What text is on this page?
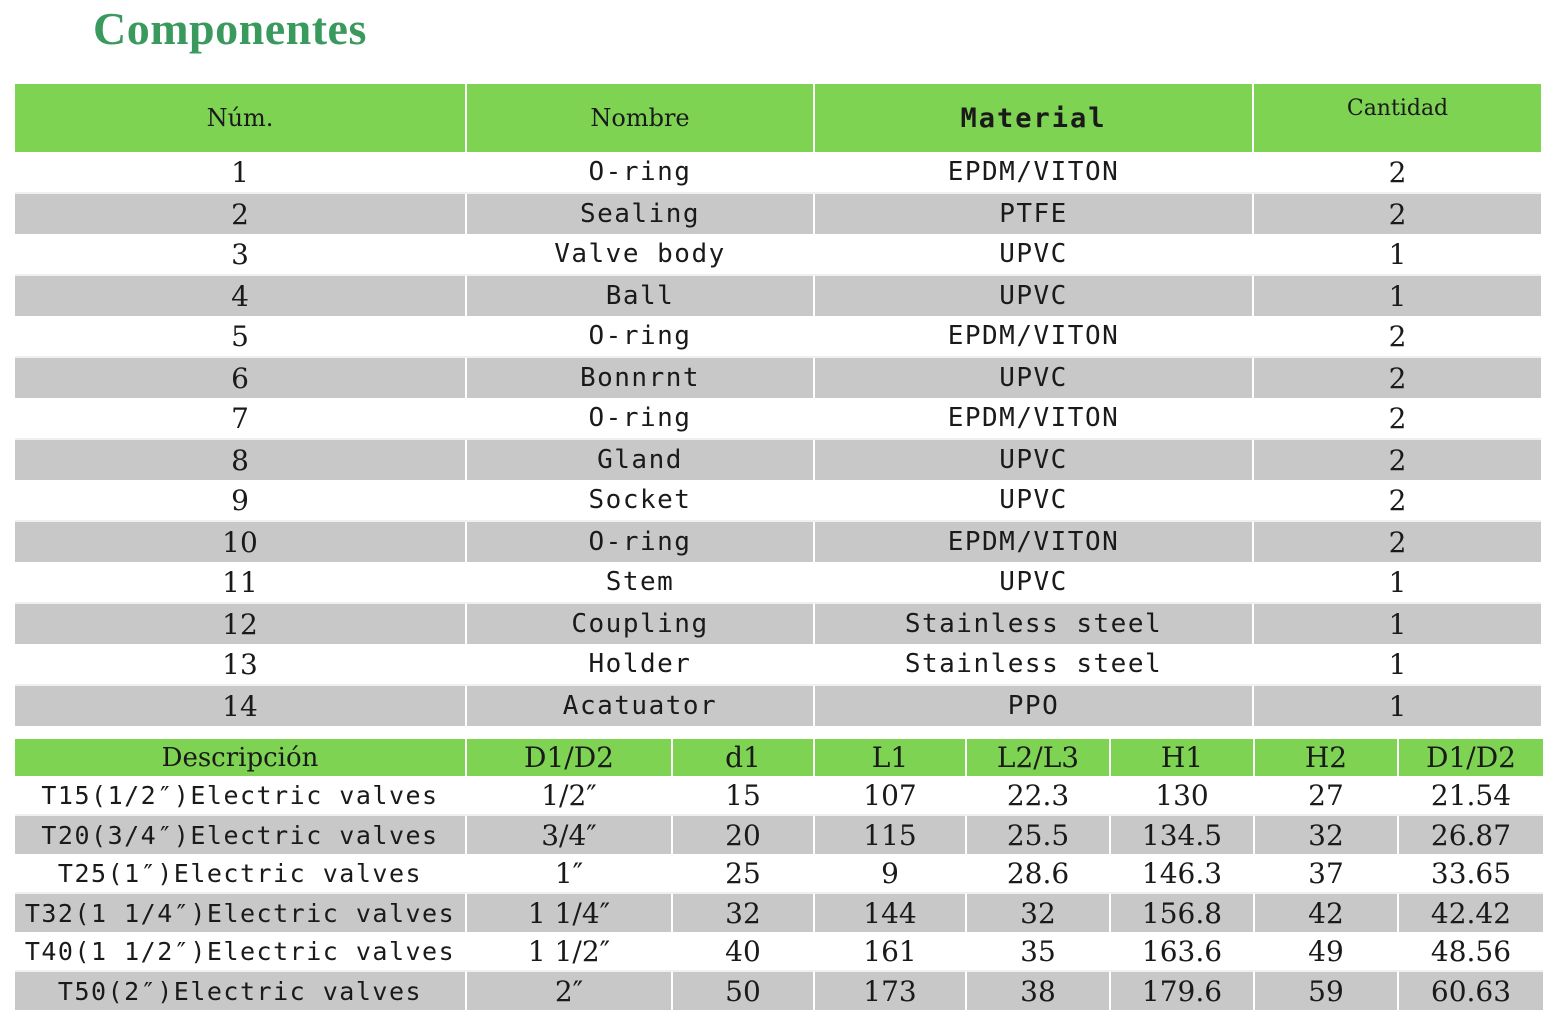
Componentes
Núm.	Nombre	Material	Cantidad
1	O-ring	EPDM/VITON	2
2	Sealing	PTFE	2
3	Valve body	UPVC	1
4	Ball	UPVC	1
5	O-ring	EPDM/VITON	2
6	Bonnrnt	UPVC	2
7	O-ring	EPDM/VITON	2
8	Gland	UPVC	2
9	Socket	UPVC	2
10	O-ring	EPDM/VITON	2
11	Stem	UPVC	1
12	Coupling	Stainless steel	1
13	Holder	Stainless steel	1
14	Acatuator	PPO	1
Descripción	D1/D2	d1	L1	L2/L3	H1	H2	D1/D2
T15(1/2″)Electric valves	1/2″	15	107	22.3	130	27	21.54
T20(3/4″)Electric valves	3/4″	20	115	25.5	134.5	32	26.87
T25(1″)Electric valves	1″	25	9	28.6	146.3	37	33.65
T32(1 1/4″)Electric valves	1 1/4″	32	144	32	156.8	42	42.42
T40(1 1/2″)Electric valves	1 1/2″	40	161	35	163.6	49	48.56
T50(2″)Electric valves	2″	50	173	38	179.6	59	60.63
